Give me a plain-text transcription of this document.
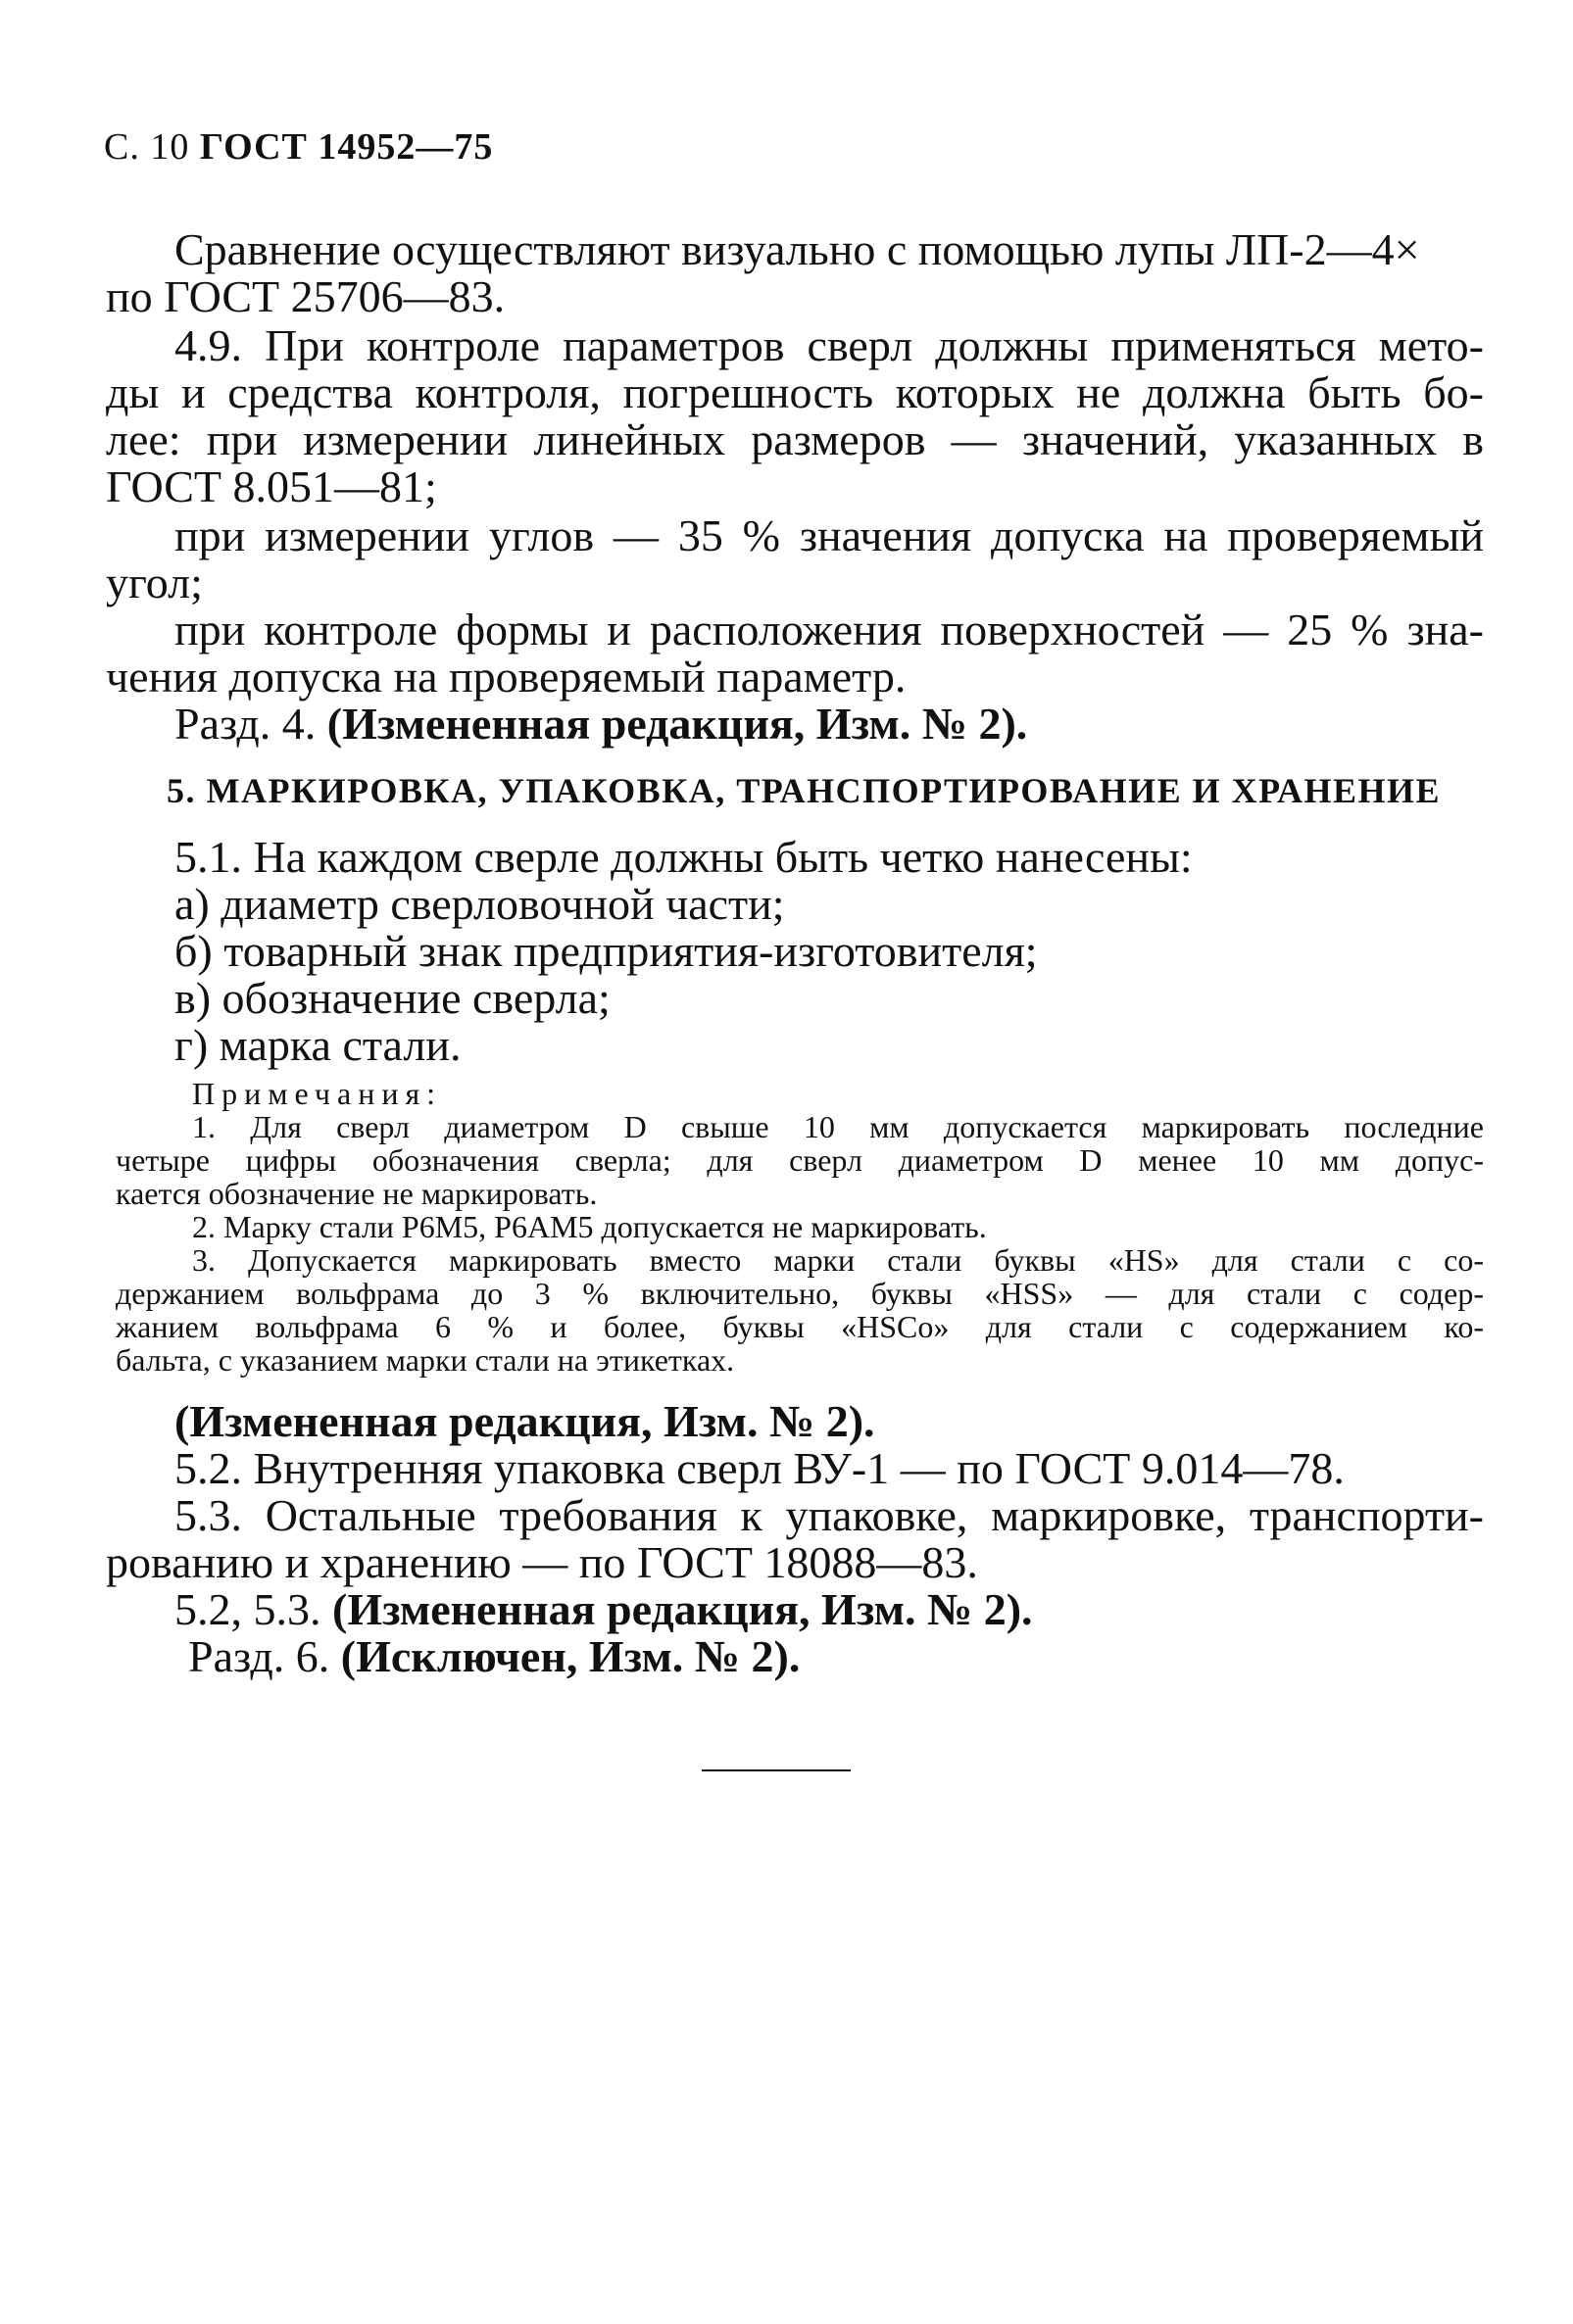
С. 10 ГОСТ 14952—75
Сравнение осуществляют визуально с помощью лупы ЛП-2—4×
по ГОСТ 25706—83.
4.9. При контроле параметров сверл должны применяться мето-
ды и средства контроля, погрешность которых не должна быть бо-
лее: при измерении линейных размеров — значений, указанных в
ГОСТ 8.051—81;
при измерении углов — 35 % значения допуска на проверяемый
угол;
при контроле формы и расположения поверхностей — 25 % зна-
чения допуска на проверяемый параметр.
Разд. 4. (Измененная редакция, Изм. № 2).
5. МАРКИРОВКА, УПАКОВКА, ТРАНСПОРТИРОВАНИЕ И ХРАНЕНИЕ
5.1. На каждом сверле должны быть четко нанесены:
а) диаметр сверловочной части;
б) товарный знак предприятия-изготовителя;
в) обозначение сверла;
г) марка стали.
Примечания:
1. Для сверл диаметром D свыше 10 мм допускается маркировать последние
четыре цифры обозначения сверла; для сверл диаметром D менее 10 мм допус-
кается обозначение не маркировать.
2. Марку стали Р6М5, Р6АМ5 допускается не маркировать.
3. Допускается маркировать вместо марки стали буквы «HS» для стали с со-
держанием вольфрама до 3 % включительно, буквы «HSS» — для стали с содер-
жанием вольфрама 6 % и более, буквы «HSCo» для стали с содержанием ко-
бальта, с указанием марки стали на этикетках.
(Измененная редакция, Изм. № 2).
5.2. Внутренняя упаковка сверл ВУ-1 — по ГОСТ 9.014—78.
5.3. Остальные требования к упаковке, маркировке, транспорти-
рованию и хранению — по ГОСТ 18088—83.
5.2, 5.3. (Измененная редакция, Изм. № 2).
Разд. 6. (Исключен, Изм. № 2).
